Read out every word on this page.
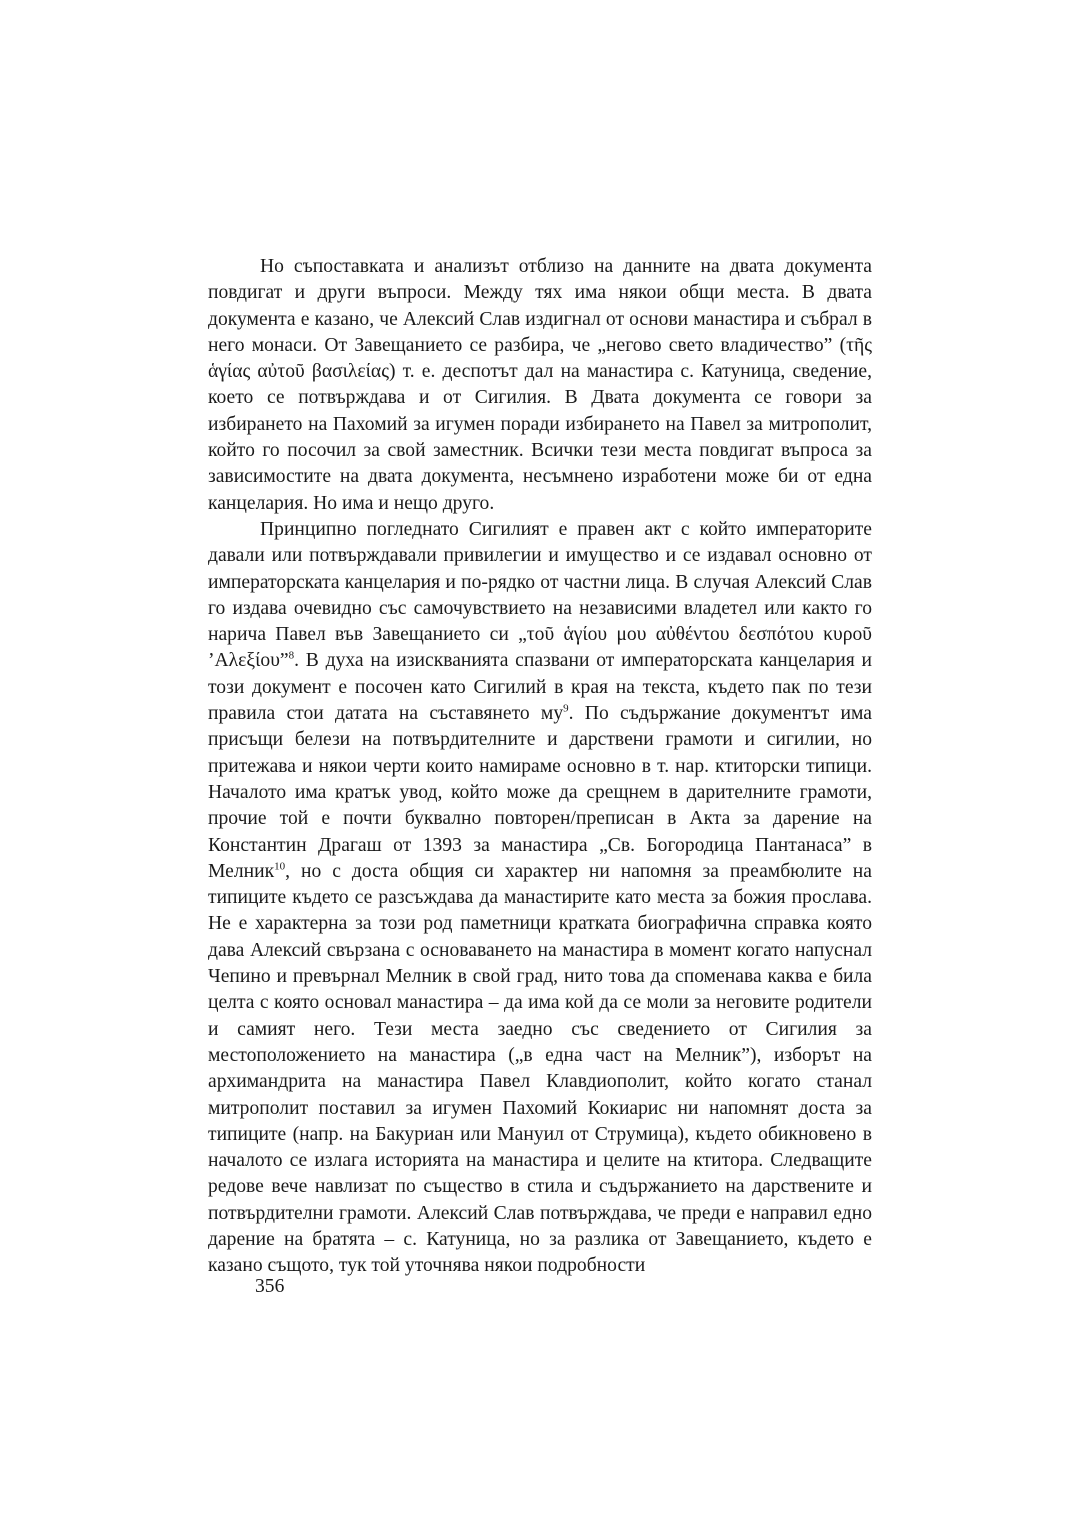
Но съпоставката и анализът отблизо на данните на двата документа повдигат и други въпроси. Между тях има някои общи места. В двата документа е казано, че Алексий Слав издигнал от основи манастира и събрал в него монаси. От Завещанието се разбира, че „негово свето владичество” (τῆς ἁγίας αὐτοῦ βασιλείας) т. е. деспотът дал на манастира с. Катуница, сведение, което се потвърждава и от Сигилия. В Двата документа се говори за избирането на Пахомий за игумен поради избирането на Павел за митрополит, който го посочил за свой заместник. Всички тези места повдигат въпроса за зависимостите на двата документа, несъмнено изработени може би от една канцелария. Но има и нещо друго.

Принципно погледнато Сигилият е правен акт с който императорите давали или потвърждавали привилегии и имущество и се издавал основно от императорската канцелария и по-рядко от частни лица. В случая Алексий Слав го издава очевидно със самочувствието на независими владетел или както го нарича Павел във Завещанието си „τοῦ ἁγίου μου αὐθέντου δεσπότου κυροῦ ’Αλεξίου”$^8$. В духа на изискванията спазвани от императорската канцелария и този документ е посочен като Сигилий в края на текста, където пак по тези правила стои датата на съставянето $му^9$. По съдържание документът има присъщи белези на потвърдителните и дарствени грамоти и сигилии, но притежава и някои черти които намираме основно в т. нар. ктиторски типици. Началото има кратък увод, който може да срещнем в дарителните грамоти, прочие той е почти буквално повторен/преписан в Акта за дарение на Константин Драгаш от 1393 за манастира „Св. Богородица Пантанаса” в Мелник$^{10}$, но с доста общия си характер ни напомня за преамбюлите на типиците където се разсъждава да манастирите като места за божия прослава. Не е характерна за този род паметници кратката биографична справка която дава Алексий свързана с основаването на манастира в момент когато напуснал Чепино и превърнал Мелник в свой град, нито това да споменава каква е била целта с която основал манастира – да има кой да се моли за неговите родители и самият него. Тези места заедно със сведението от Сигилия за местоположението на манастира („в една част на Мелник”), изборът на архимандрита на манастира Павел Клавдиополит, който когато станал митрополит поставил за игумен Пахомий Кокиарис ни напомнят доста за типиците (напр. на Бакуриан или Мануил от Струмица), където обикновено в началото се излага историята на манастира и целите на ктитора. Следващите редове вече навлизат по същество в стила и съдържанието на дарствените и потвърдителни грамоти. Алексий Слав потвърждава, че преди е направил едно дарение на братята – с. Катуница, но за разлика от Завещанието, където е казано същото, тук той уточнява някои подробности

356
